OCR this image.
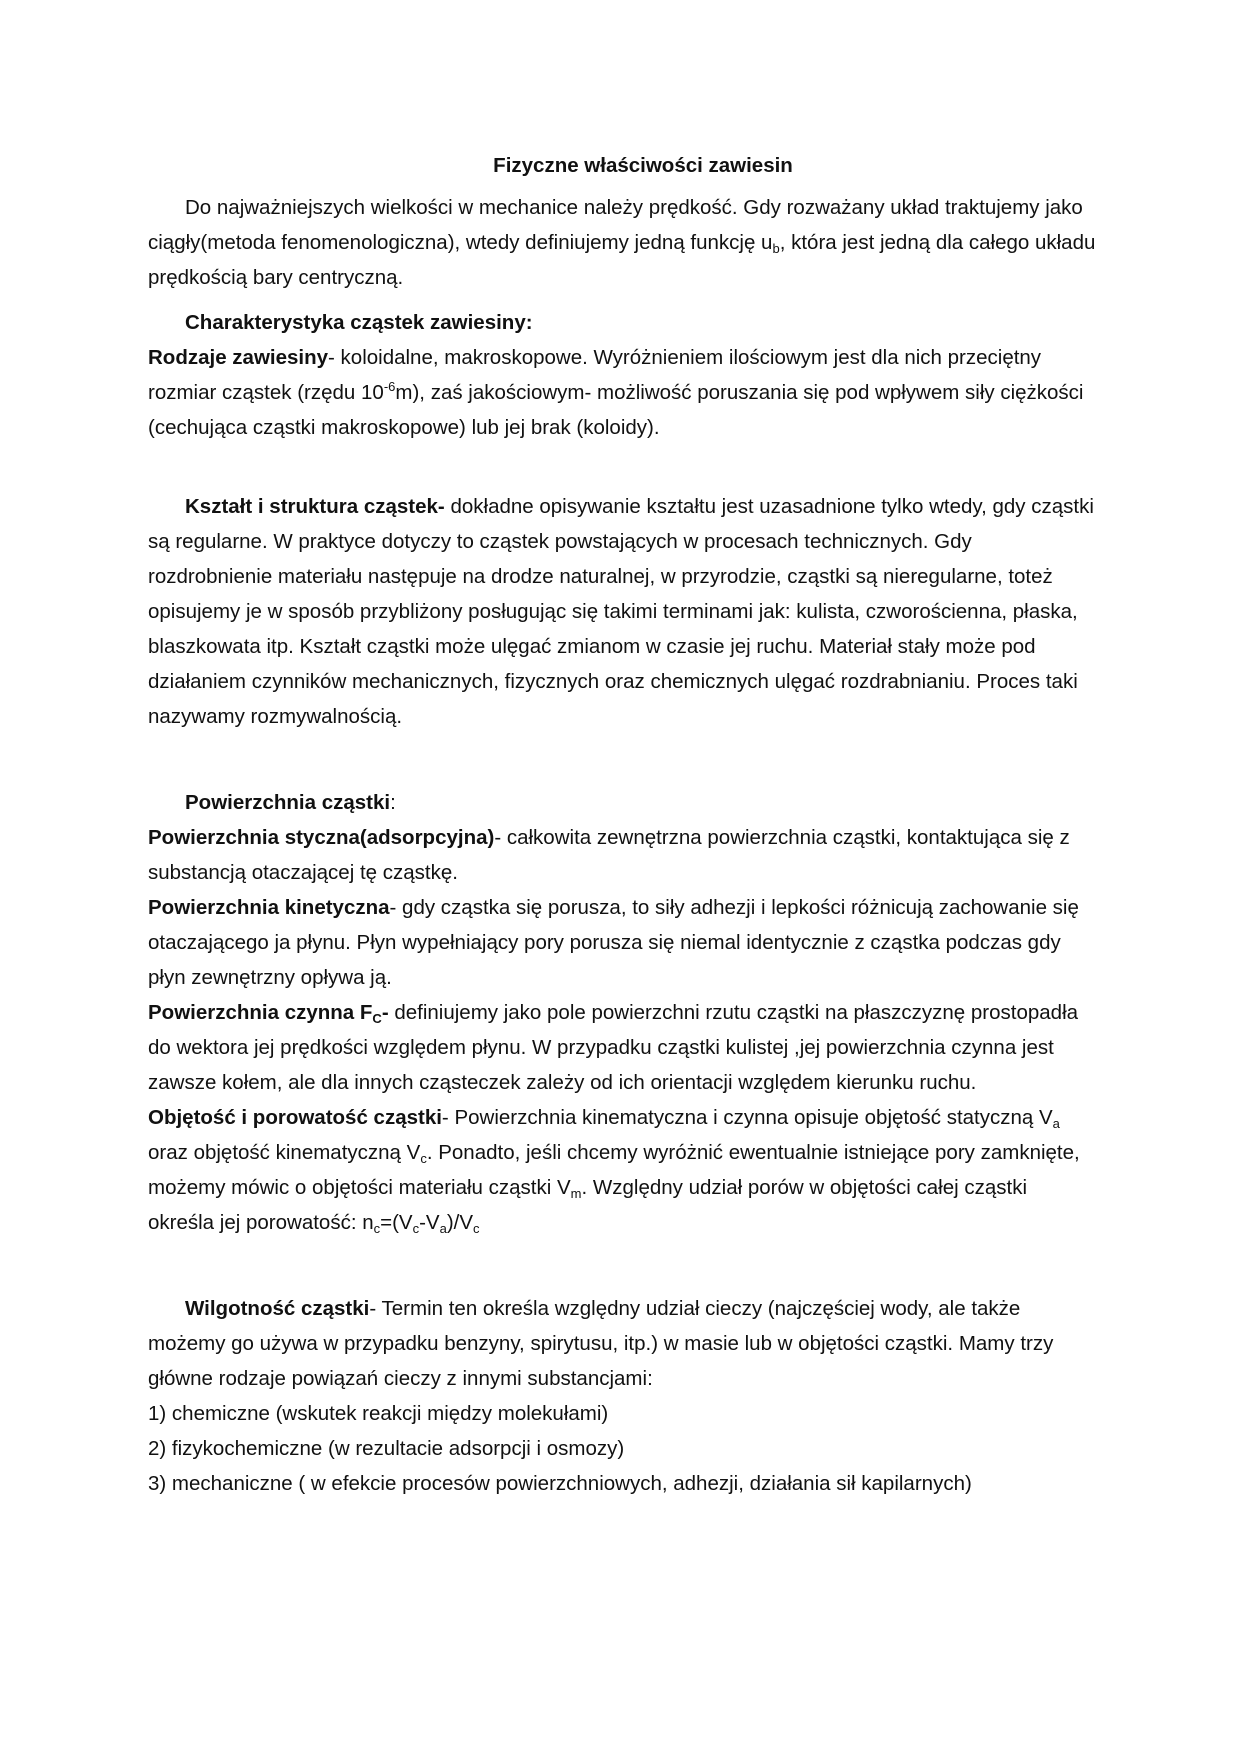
Fizyczne właściwości zawiesin

Do najważniejszych wielkości w mechanice należy prędkość. Gdy rozważany układ traktujemy jako ciągły(metoda fenomenologiczna), wtedy definiujemy jedną funkcję $u_b$, która jest jedną dla całego układu prędkością bary centryczną.

Charakterystyka cząstek zawiesiny:

Rodzaje zawiesiny- koloidalne, makroskopowe. Wyróżnieniem ilościowym jest dla nich przeciętny rozmiar cząstek (rzędu $10^{-6}m$), zaś jakościowym- możliwość poruszania się pod wpływem siły ciężkości (cechująca cząstki makroskopowe) lub jej brak (koloidy).

Kształt i struktura cząstek- dokładne opisywanie kształtu jest uzasadnione tylko wtedy, gdy cząstki są regularne. W praktyce dotyczy to cząstek powstających w procesach technicznych. Gdy rozdrobnienie materiału następuje na drodze naturalnej, w przyrodzie, cząstki są nieregularne, toteż opisujemy je w sposób przybliżony posługując się takimi terminami jak: kulista, czworościenna, płaska, blaszkowata itp. Kształt cząstki może ulęgać zmianom w czasie jej ruchu. Materiał stały może pod działaniem czynników mechanicznych, fizycznych oraz chemicznych ulęgać rozdrabnianiu. Proces taki nazywamy rozmywalnością.

Powierzchnia cząstki:

Powierzchnia styczna(adsorpcyjna)- całkowita zewnętrzna powierzchnia cząstki, kontaktująca się z substancją otaczającej tę cząstkę.

Powierzchnia kinetyczna- gdy cząstka się porusza, to siły adhezji i lepkości różnicują zachowanie się otaczającego ja płynu. Płyn wypełniający pory porusza się niemal identycznie z cząstka podczas gdy płyn zewnętrzny opływa ją.

Powierzchnia czynna $F_C-$ definiujemy jako pole powierzchni rzutu cząstki na płaszczyznę prostopadła do wektora jej prędkości względem płynu. W przypadku cząstki kulistej ,jej powierzchnia czynna jest zawsze kołem, ale dla innych cząsteczek zależy od ich orientacji względem kierunku ruchu.

Objętość i porowatość cząstki- Powierzchnia kinematyczna i czynna opisuje objętość statyczną $V_a$ oraz objętość kinematyczną $V_c$. Ponadto, jeśli chcemy wyróżnić ewentualnie istniejące pory zamknięte, możemy mówic o objętości materiału cząstki $V_m$. Względny udział porów w objętości całej cząstki określa jej porowatość: $n_c=(V_c-V_a)/V_c$

Wilgotność cząstki- Termin ten określa względny udział cieczy (najczęściej wody, ale także możemy go używa w przypadku benzyny, spirytusu, itp.) w masie lub w objętości cząstki. Mamy trzy główne rodzaje powiązań cieczy z innymi substancjami:

1) chemiczne (wskutek reakcji między molekułami)

2) fizykochemiczne (w rezultacie adsorpcji i osmozy)

3) mechaniczne ( w efekcie procesów powierzchniowych, adhezji, działania sił kapilarnych)
